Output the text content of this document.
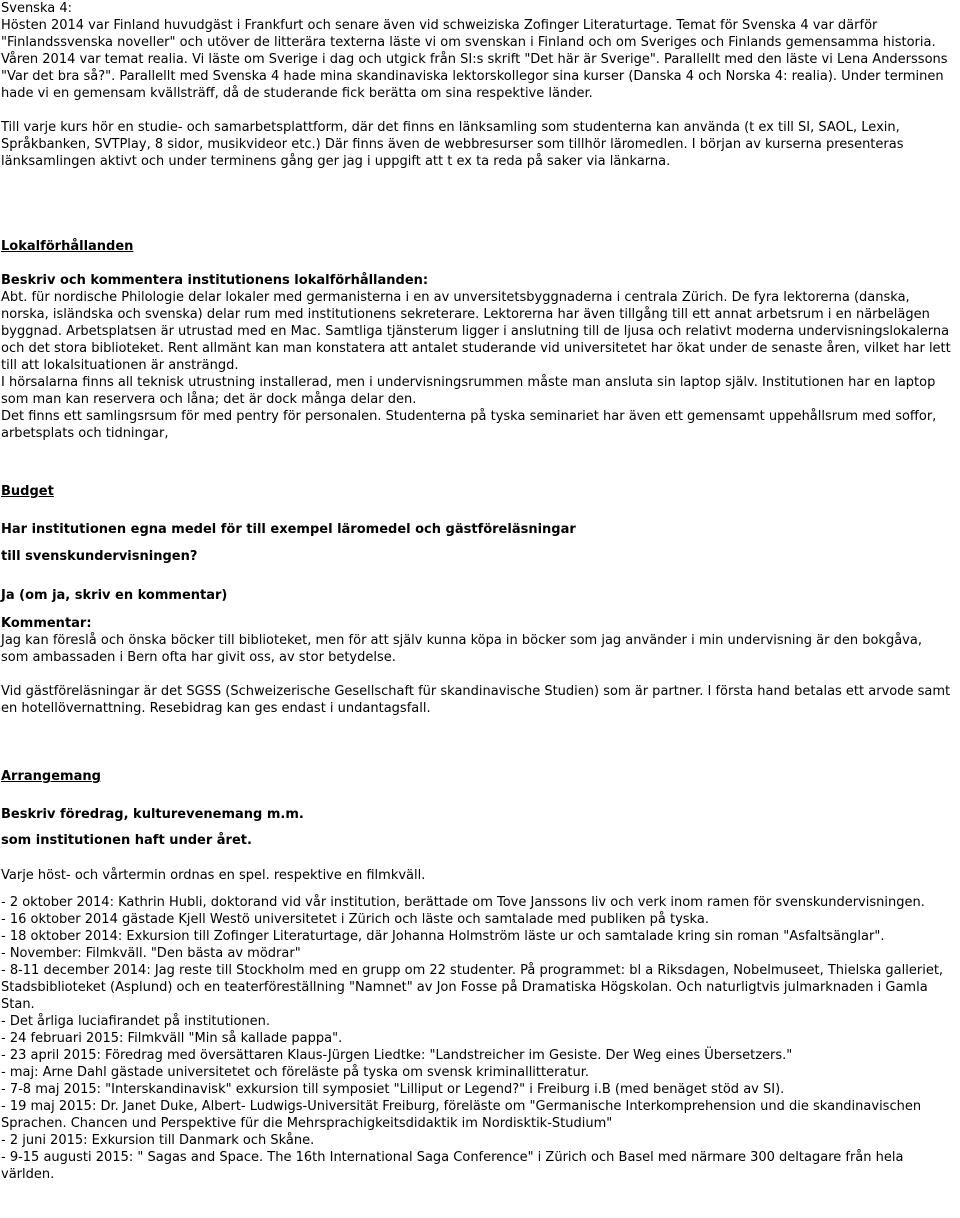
Svenska 4:

Hösten 2014 var Finland huvudgäst i Frankfurt och senare även vid schweiziska Zofinger Literaturtage. Temat för Svenska 4 var därför "Finlandssvenska noveller" och utöver de litterära texterna läste vi om svenskan i Finland och om Sveriges och Finlands gemensamma historia. Våren 2014 var temat realia. Vi läste om Sverige i dag och utgick från SI:s skrift "Det här är Sverige". Parallellt med den läste vi Lena Anderssons "Var det bra så?". Parallellt med Svenska 4 hade mina skandinaviska lektorskollegor sina kurser (Danska 4 och Norska 4: realia). Under terminen hade vi en gemensam kvällsträff, då de studerande fick berätta om sina respektive länder.

Till varje kurs hör en studie- och samarbetsplattform, där det finns en länksamling som studenterna kan använda (t ex till SI, SAOL, Lexin, Språkbanken, SVTPlay, 8 sidor, musikvideor etc.) Där finns även de webbresurser som tillhör läromedlen. I början av kurserna presenteras länksamlingen aktivt och under terminens gång ger jag i uppgift att t ex ta reda på saker via länkarna.

Lokalförhållanden

Beskriv och kommentera institutionens lokalförhållanden:

Abt. für nordische Philologie delar lokaler med germanisterna i en av unversitetsbyggnaderna i centrala Zürich. De fyra lektorerna (danska, norska, isländska och svenska) delar rum med institutionens sekreterare. Lektorerna har även tillgång till ett annat arbetsrum i en närbelägen byggnad. Arbetsplatsen är utrustad med en Mac. Samtliga tjänsterum ligger i anslutning till de ljusa och relativt moderna undervisningslokalerna och det stora biblioteket. Rent allmänt kan man konstatera att antalet studerande vid universitetet har ökat under de senaste åren, vilket har lett till att lokalsituationen är ansträngd.

I hörsalarna finns all teknisk utrustning installerad, men i undervisningsrummen måste man ansluta sin laptop själv. Institutionen har en laptop som man kan reservera och låna; det är dock många delar den.

Det finns ett samlingsrsum för med pentry för personalen. Studenterna på tyska seminariet har även ett gemensamt uppehållsrum med soffor, arbetsplats och tidningar,

Budget

Har institutionen egna medel för till exempel läromedel och gästföreläsningar

till svenskundervisningen?

Ja (om ja, skriv en kommentar)

Kommentar:

Jag kan föreslå och önska böcker till biblioteket, men för att själv kunna köpa in böcker som jag använder i min undervisning är den bokgåva, som ambassaden i Bern ofta har givit oss, av stor betydelse.

Vid gästföreläsningar är det SGSS (Schweizerische Gesellschaft für skandinavische Studien) som är partner. I första hand betalas ett arvode samt en hotellövernattning. Resebidrag kan ges endast i undantagsfall.

Arrangemang

Beskriv föredrag, kulturevenemang m.m.

som institutionen haft under året.

Varje höst- och vårtermin ordnas en spel. respektive en filmkväll.

- 2 oktober 2014: Kathrin Hubli, doktorand vid vår institution, berättade om Tove Janssons liv och verk inom ramen för svenskundervisningen.

- 16 oktober 2014 gästade Kjell Westö universitetet i Zürich och läste och samtalade med publiken på tyska.

- 18 oktober 2014: Exkursion till Zofinger Literaturtage, där Johanna Holmström läste ur och samtalade kring sin roman "Asfaltsänglar".

- November: Filmkväll. "Den bästa av mödrar"

- 8-11 december 2014: Jag reste till Stockholm med en grupp om 22 studenter. På programmet: bl a Riksdagen, Nobelmuseet, Thielska galleriet, Stadsbiblioteket (Asplund) och en teaterföreställning "Namnet" av Jon Fosse på Dramatiska Högskolan. Och naturligtvis julmarknaden i Gamla Stan.

- Det årliga luciafirandet på institutionen.

- 24 februari 2015: Filmkväll "Min så kallade pappa".

- 23 april 2015: Föredrag med översättaren Klaus-Jürgen Liedtke: "Landstreicher im Gesiste. Der Weg eines Übersetzers."

- maj: Arne Dahl gästade universitetet och föreläste på tyska om svensk kriminallitteratur.

- 7-8 maj 2015: "Interskandinavisk" exkursion till symposiet "Lilliput or Legend?" i Freiburg i.B (med benäget stöd av SI).

- 19 maj 2015: Dr. Janet Duke, Albert- Ludwigs-Universität Freiburg, föreläste om "Germanische Interkomprehension und die skandinavischen Sprachen. Chancen und Perspektive für die Mehrsprachigkeitsdidaktik im Nordisktik-Studium"

- 2 juni 2015: Exkursion till Danmark och Skåne.

- 9-15 augusti 2015: " Sagas and Space. The 16th International Saga Conference" i Zürich och Basel med närmare 300 deltagare från hela världen.
